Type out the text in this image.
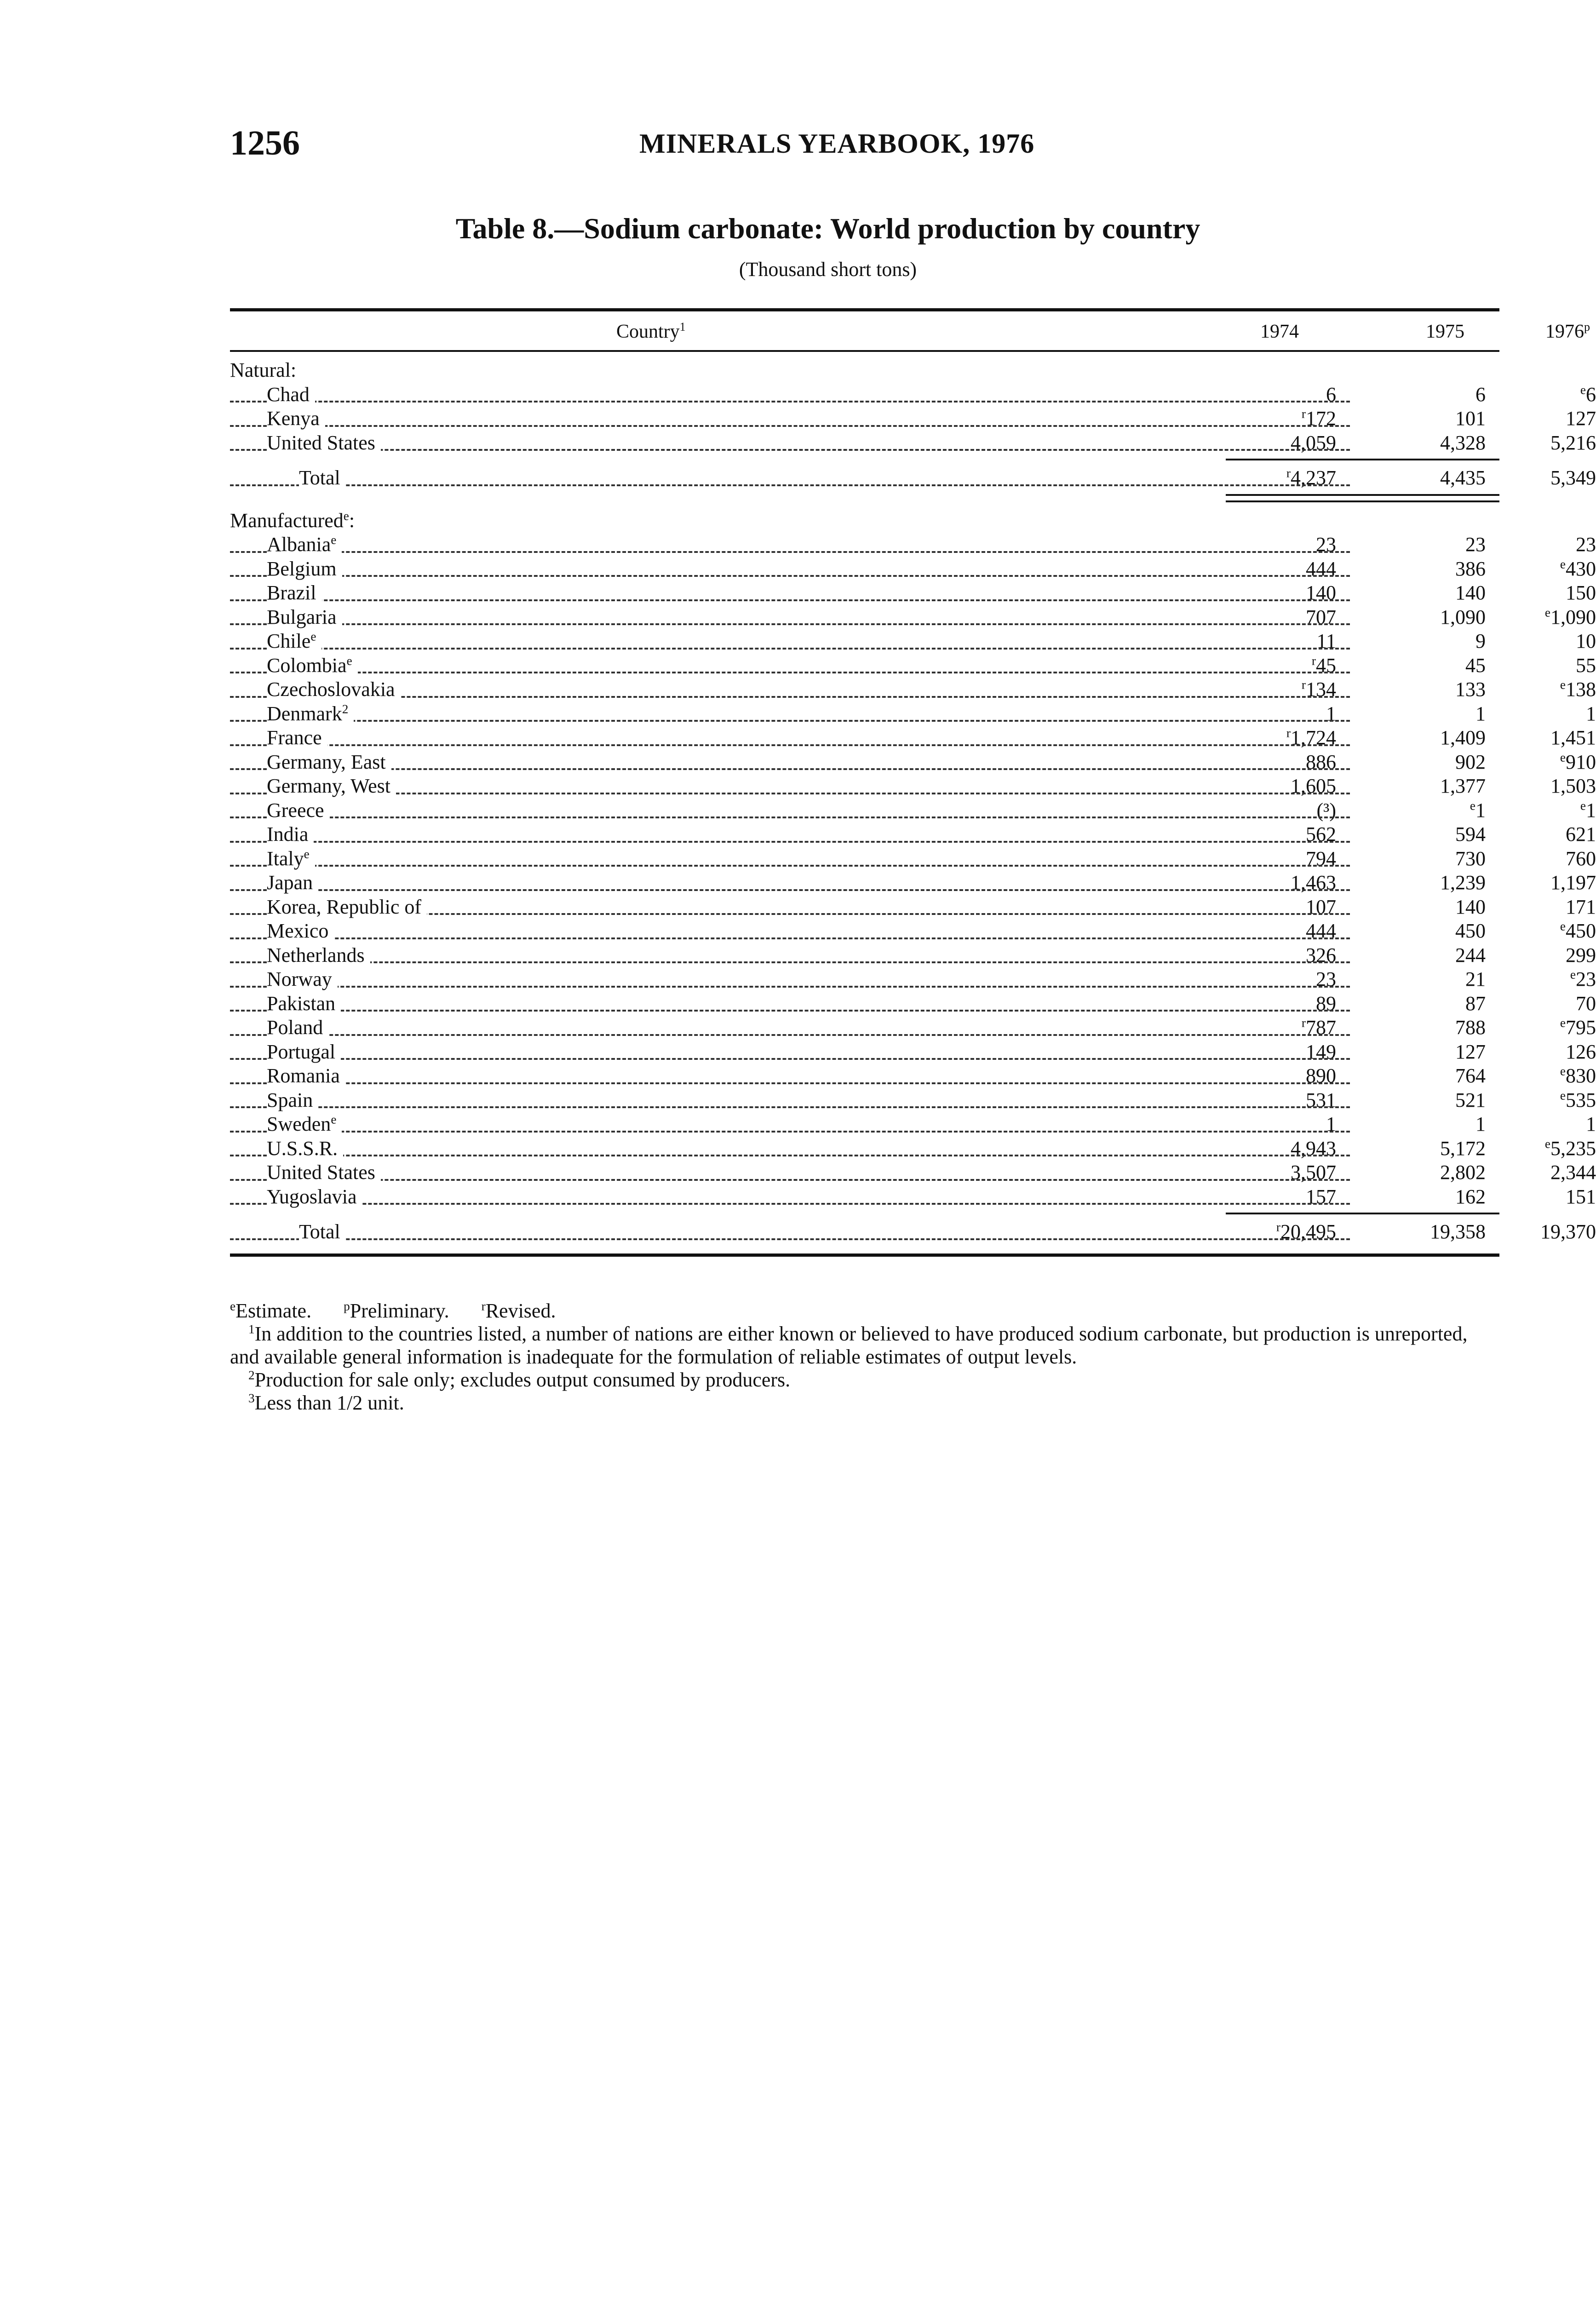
1256	MINERALS YEARBOOK, 1976
Table 8.—Sodium carbonate: World production by country
(Thousand short tons)
Country$^1$	1974	1975	1976$^p$
Natural:
Chad	6	6	$^e$6
Kenya	$^r$172	101	127
United States	4,059	4,328	5,216
Total	$^r$4,237	4,435	5,349
Manufactured$^e$:
Albania$^e$	23	23	23
Belgium	444	386	$^e$430
Brazil	140	140	150
Bulgaria	707	1,090	$^e$1,090
Chile$^e$	11	9	10
Colombia$^e$	$^r$45	45	55
Czechoslovakia	$^r$134	133	$^e$138
Denmark$^2$	1	1	1
France	$^r$1,724	1,409	1,451
Germany, East	886	902	$^e$910
Germany, West	1,605	1,377	1,503
Greece	(³)	$^e$1	$^e$1
India	562	594	621
Italy$^e$	794	730	760
Japan	1,463	1,239	1,197
Korea, Republic of	107	140	171
Mexico	444	450	$^e$450
Netherlands	326	244	299
Norway	23	21	$^e$23
Pakistan	89	87	70
Poland	$^r$787	788	$^e$795
Portugal	149	127	126
Romania	890	764	$^e$830
Spain	531	521	$^e$535
Sweden$^e$	1	1	1
U.S.S.R.	4,943	5,172	$^e$5,235
United States	3,507	2,802	2,344
Yugoslavia	157	162	151
Total	$^r$20,495	19,358	19,370

$^e$Estimate.	$^p$Preliminary.	$^r$Revised.

$^1$In addition to the countries listed, a number of nations are either known or believed to have produced sodium carbonate, but production is unreported, and available general information is inadequate for the formulation of reliable estimates of output levels.

$^2$Production for sale only; excludes output consumed by producers.

$^3$Less than 1/2 unit.
